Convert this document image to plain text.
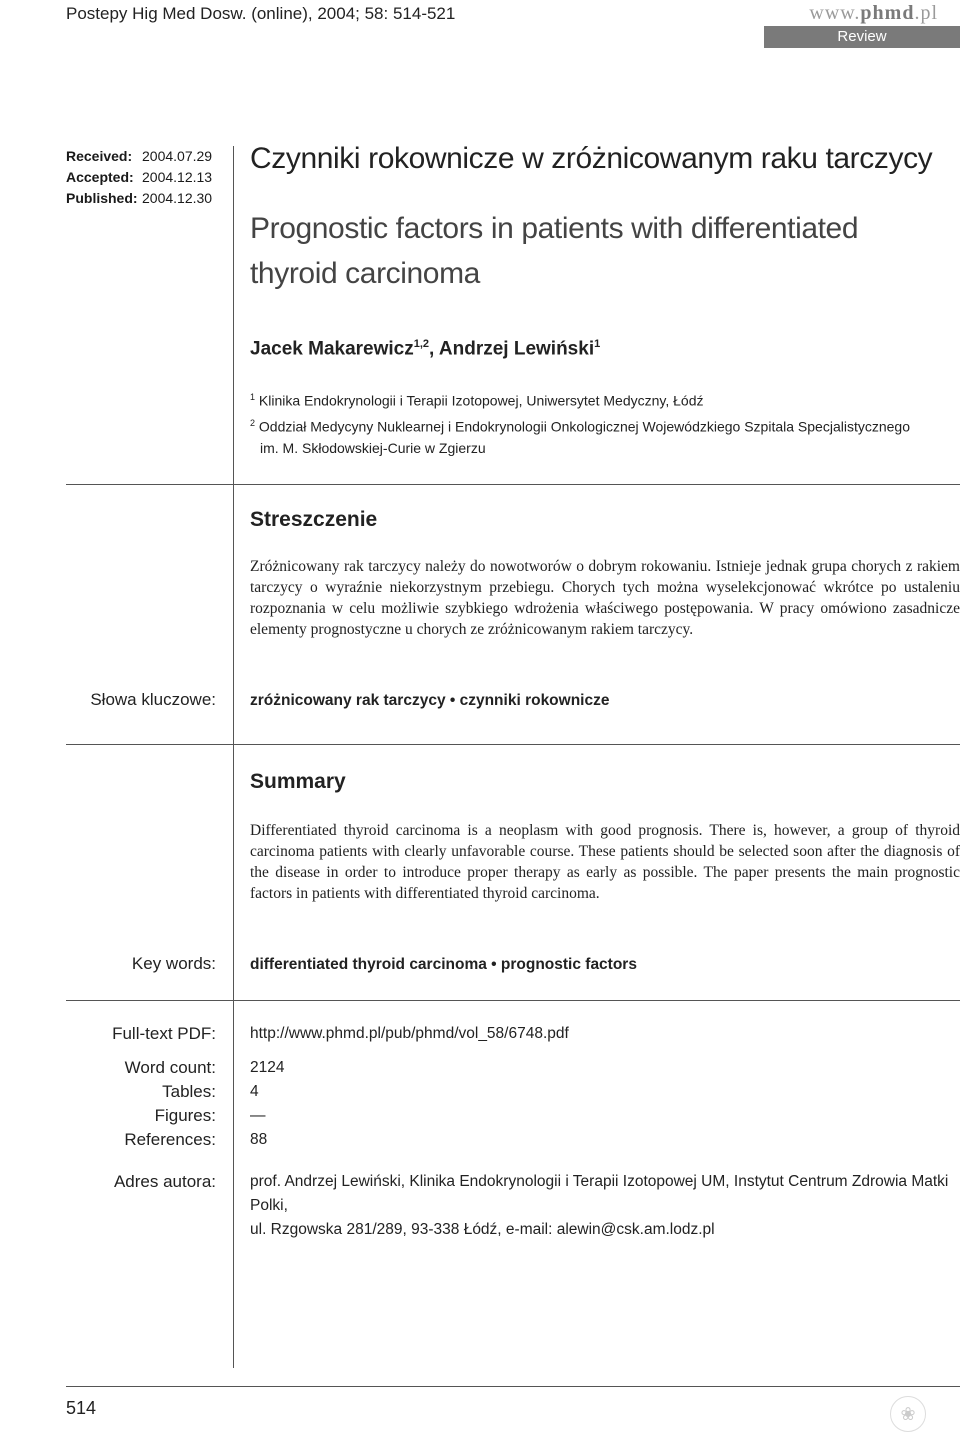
Postepy Hig Med Dosw. (online), 2004; 58: 514-521	www.phmd.pl
Review
Received: 2004.07.29
Accepted: 2004.12.13
Published: 2004.12.30
Czynniki rokownicze w zróżnicowanym raku tarczycy
Prognostic factors in patients with differentiated thyroid carcinoma
Jacek Makarewicz$^{1,2}$, Andrzej Lewiński$^1$
$^1$ Klinika Endokrynologii i Terapii Izotopowej, Uniwersytet Medyczny, Łódź
$^2$ Oddział Medycyny Nuklearnej i Endokrynologii Onkologicznej Wojewódzkiego Szpitala Specjalistycznego
im. M. Skłodowskiej-Curie w Zgierzu
Streszczenie
Zróżnicowany rak tarczycy należy do nowotworów o dobrym rokowaniu. Istnieje jednak grupa chorych z rakiem tarczycy o wyraźnie niekorzystnym przebiegu. Chorych tych można wyselekcjonować wkrótce po ustaleniu rozpoznania w celu możliwie szybkiego wdrożenia właściwego postępowania. W pracy omówiono zasadnicze elementy prognostyczne u chorych ze zróżnicowanym rakiem tarczycy.
Słowa kluczowe: zróżnicowany rak tarczycy • czynniki rokownicze
Summary
Differentiated thyroid carcinoma is a neoplasm with good prognosis. There is, however, a group of thyroid carcinoma patients with clearly unfavorable course. These patients should be selected soon after the diagnosis of the disease in order to introduce proper therapy as early as possible. The paper presents the main prognostic factors in patients with differentiated thyroid carcinoma.
Key words: differentiated thyroid carcinoma • prognostic factors
Full-text PDF: http://www.phmd.pl/pub/phmd/vol_58/6748.pdf
Word count: 2124
Tables: 4
Figures: —
References: 88
Adres autora: prof. Andrzej Lewiński, Klinika Endokrynologii i Terapii Izotopowej UM, Instytut Centrum Zdrowia Matki Polki,
ul. Rzgowska 281/289, 93-338 Łódź, e-mail: alewin@csk.am.lodz.pl
514	❀
